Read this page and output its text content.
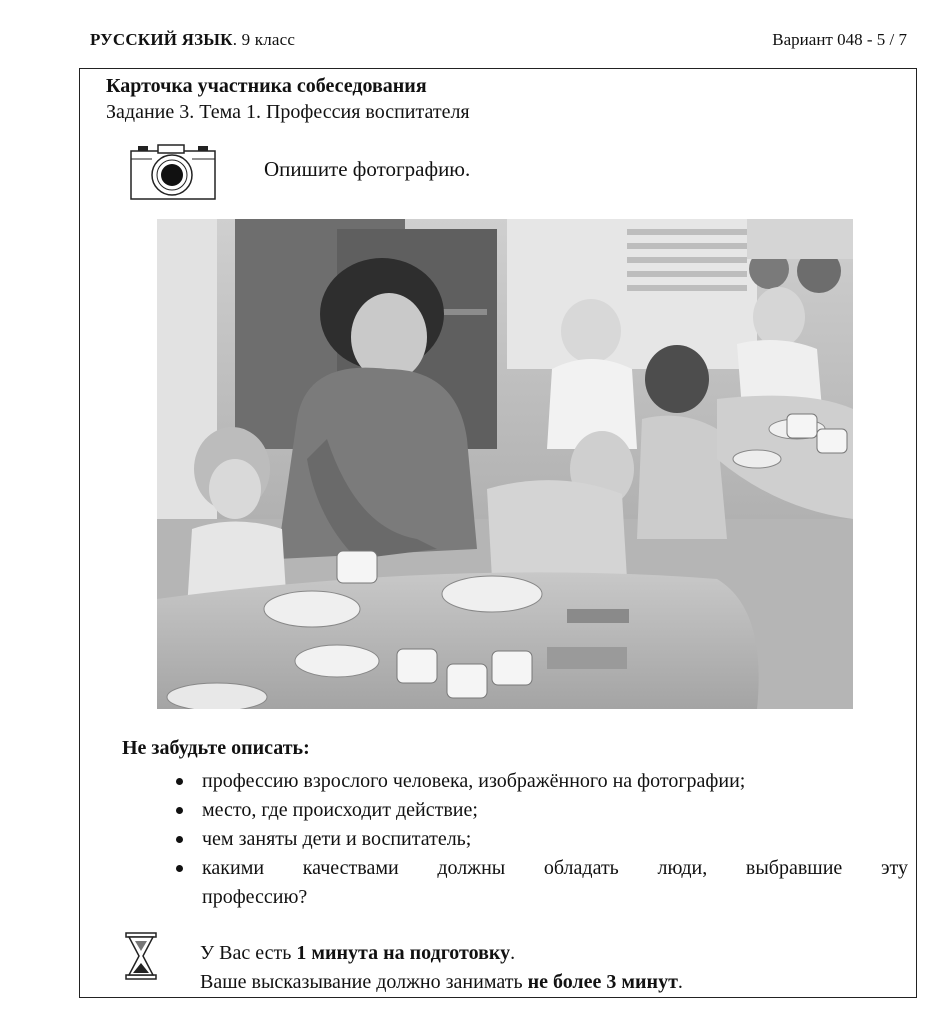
РУССКИЙ ЯЗЫК. 9 класс	Вариант 048 - 5 / 7
Карточка участника собеседования
Задание 3. Тема 1. Профессия воспитателя
Опишите фотографию.
Не забудьте описать:
профессию взрослого человека, изображённого на фотографии;
место, где происходит действие;
чем заняты дети и воспитатель;
какими качествами должны обладать люди, выбравшие эту
профессию?
У Вас есть 1 минута на подготовку.
Ваше высказывание должно занимать не более 3 минут.
